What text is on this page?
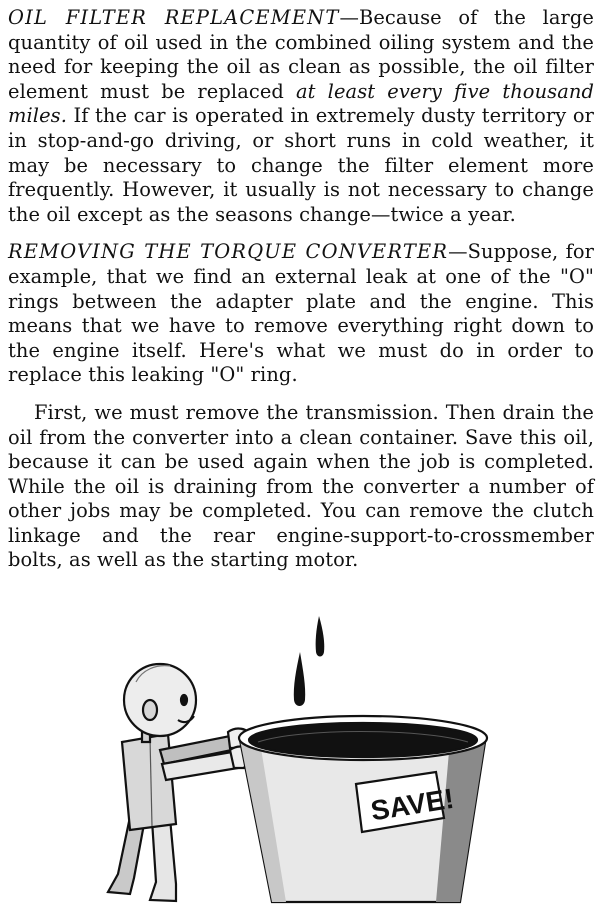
OIL FILTER REPLACEMENT—Because of the large quantity of oil used in the combined oiling system and the need for keeping the oil as clean as possible, the oil filter element must be replaced at least every five thousand miles. If the car is operated in extremely dusty territory or in stop-and-go driving, or short runs in cold weather, it may be necessary to change the filter element more frequently. However, it usually is not necessary to change the oil except as the seasons change—twice a year.

REMOVING THE TORQUE CONVERTER—Suppose, for example, that we find an external leak at one of the "O" rings between the adapter plate and the engine. This means that we have to remove everything right down to the engine itself. Here's what we must do in order to replace this leaking "O" ring.

First, we must remove the transmission. Then drain the oil from the converter into a clean container. Save this oil, because it can be used again when the job is completed. While the oil is draining from the converter a number of other jobs may be completed. You can remove the clutch linkage and the rear engine-support-to-crossmember bolts, as well as the starting motor.

SAVE!
